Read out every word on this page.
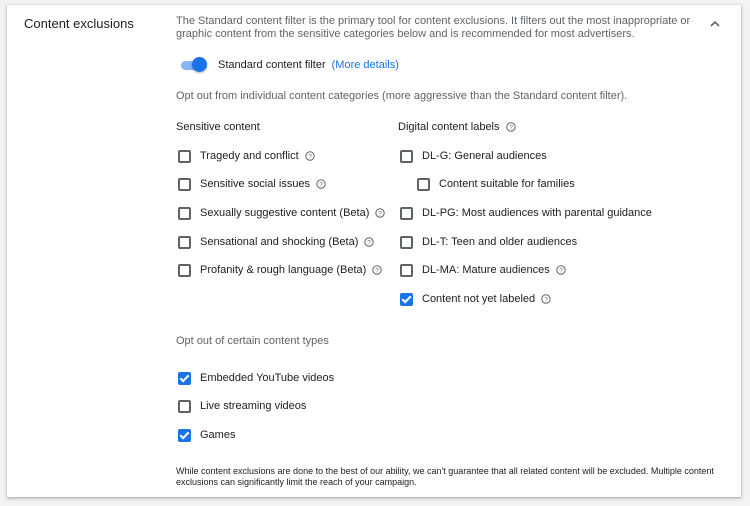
Content exclusions	The Standard content filter is the primary tool for content exclusions. It filters out the most inappropriate or graphic content from the sensitive categories below and is recommended for most advertisers.
Standard content filter (More details)
Opt out from individual content categories (more aggressive than the Standard content filter).
Sensitive content
Tragedy and conflict ?
Sensitive social issues ?
Sexually suggestive content (Beta) ?
Sensational and shocking (Beta) ?
Profanity & rough language (Beta) ?
Digital content labels ?
DL-G: General audiences
Content suitable for families
DL-PG: Most audiences with parental guidance
DL-T: Teen and older audiences
DL-MA: Mature audiences ?
Content not yet labeled ?
Opt out of certain content types
Embedded YouTube videos
Live streaming videos
Games
While content exclusions are done to the best of our ability, we can't guarantee that all related content will be excluded. Multiple content exclusions can significantly limit the reach of your campaign.
